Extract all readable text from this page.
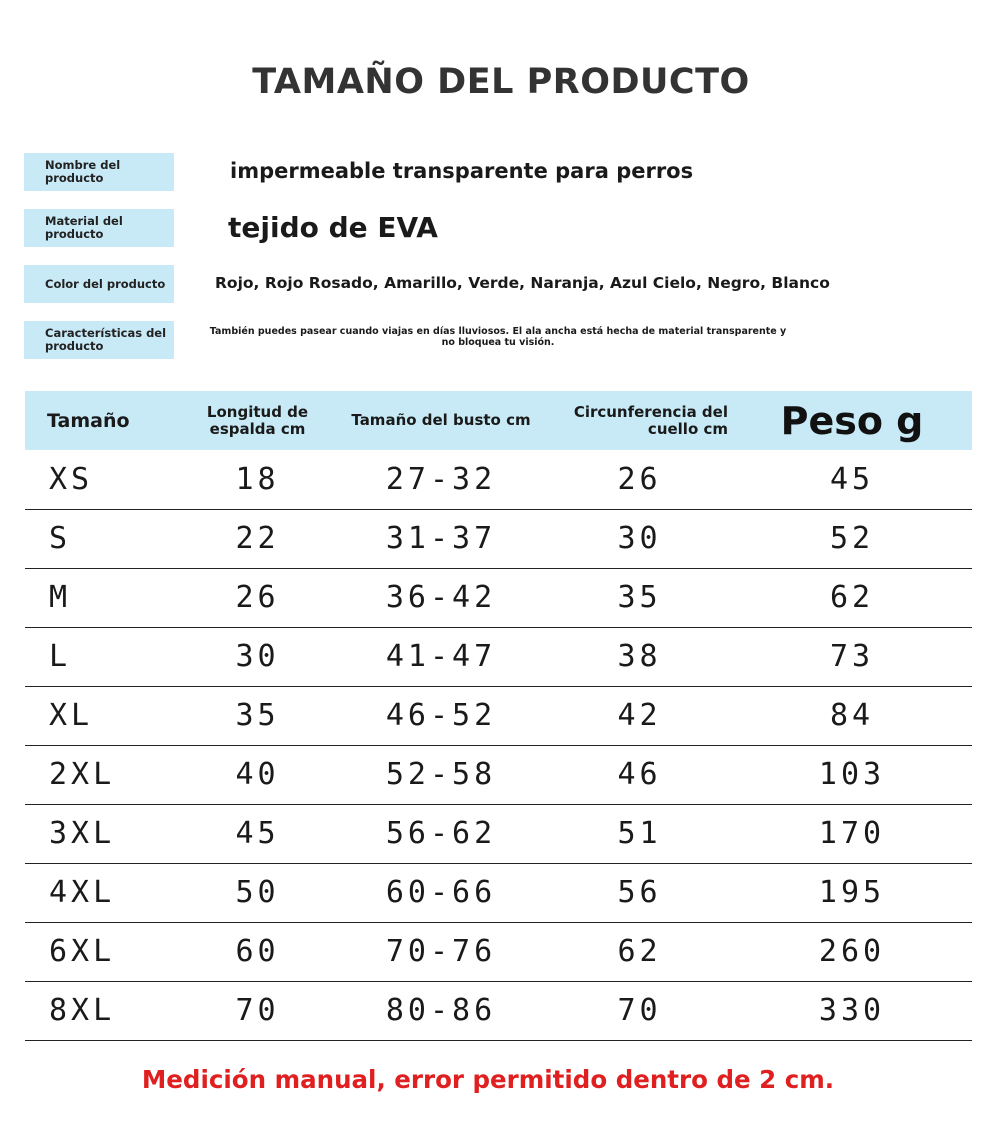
TAMAÑO DEL PRODUCTO
Nombre del producto	impermeable transparente para perros
Material del producto	tejido de EVA
Color del producto	Rojo, Rojo Rosado, Amarillo, Verde, Naranja, Azul Cielo, Negro, Blanco
Características del producto
También puedes pasear cuando viajas en días lluviosos. El ala ancha está hecha de material transparente y no bloquea tu visión.
Tamaño	Longitud de espalda cm	Tamaño del busto cm	Circunferencia del cuello cm	Peso g
XS	18	27-32	26	45
S	22	31-37	30	52
M	26	36-42	35	62
L	30	41-47	38	73
XL	35	46-52	42	84
2XL	40	52-58	46	103
3XL	45	56-62	51	170
4XL	50	60-66	56	195
6XL	60	70-76	62	260
8XL	70	80-86	70	330
Medición manual, error permitido dentro de 2 cm.
